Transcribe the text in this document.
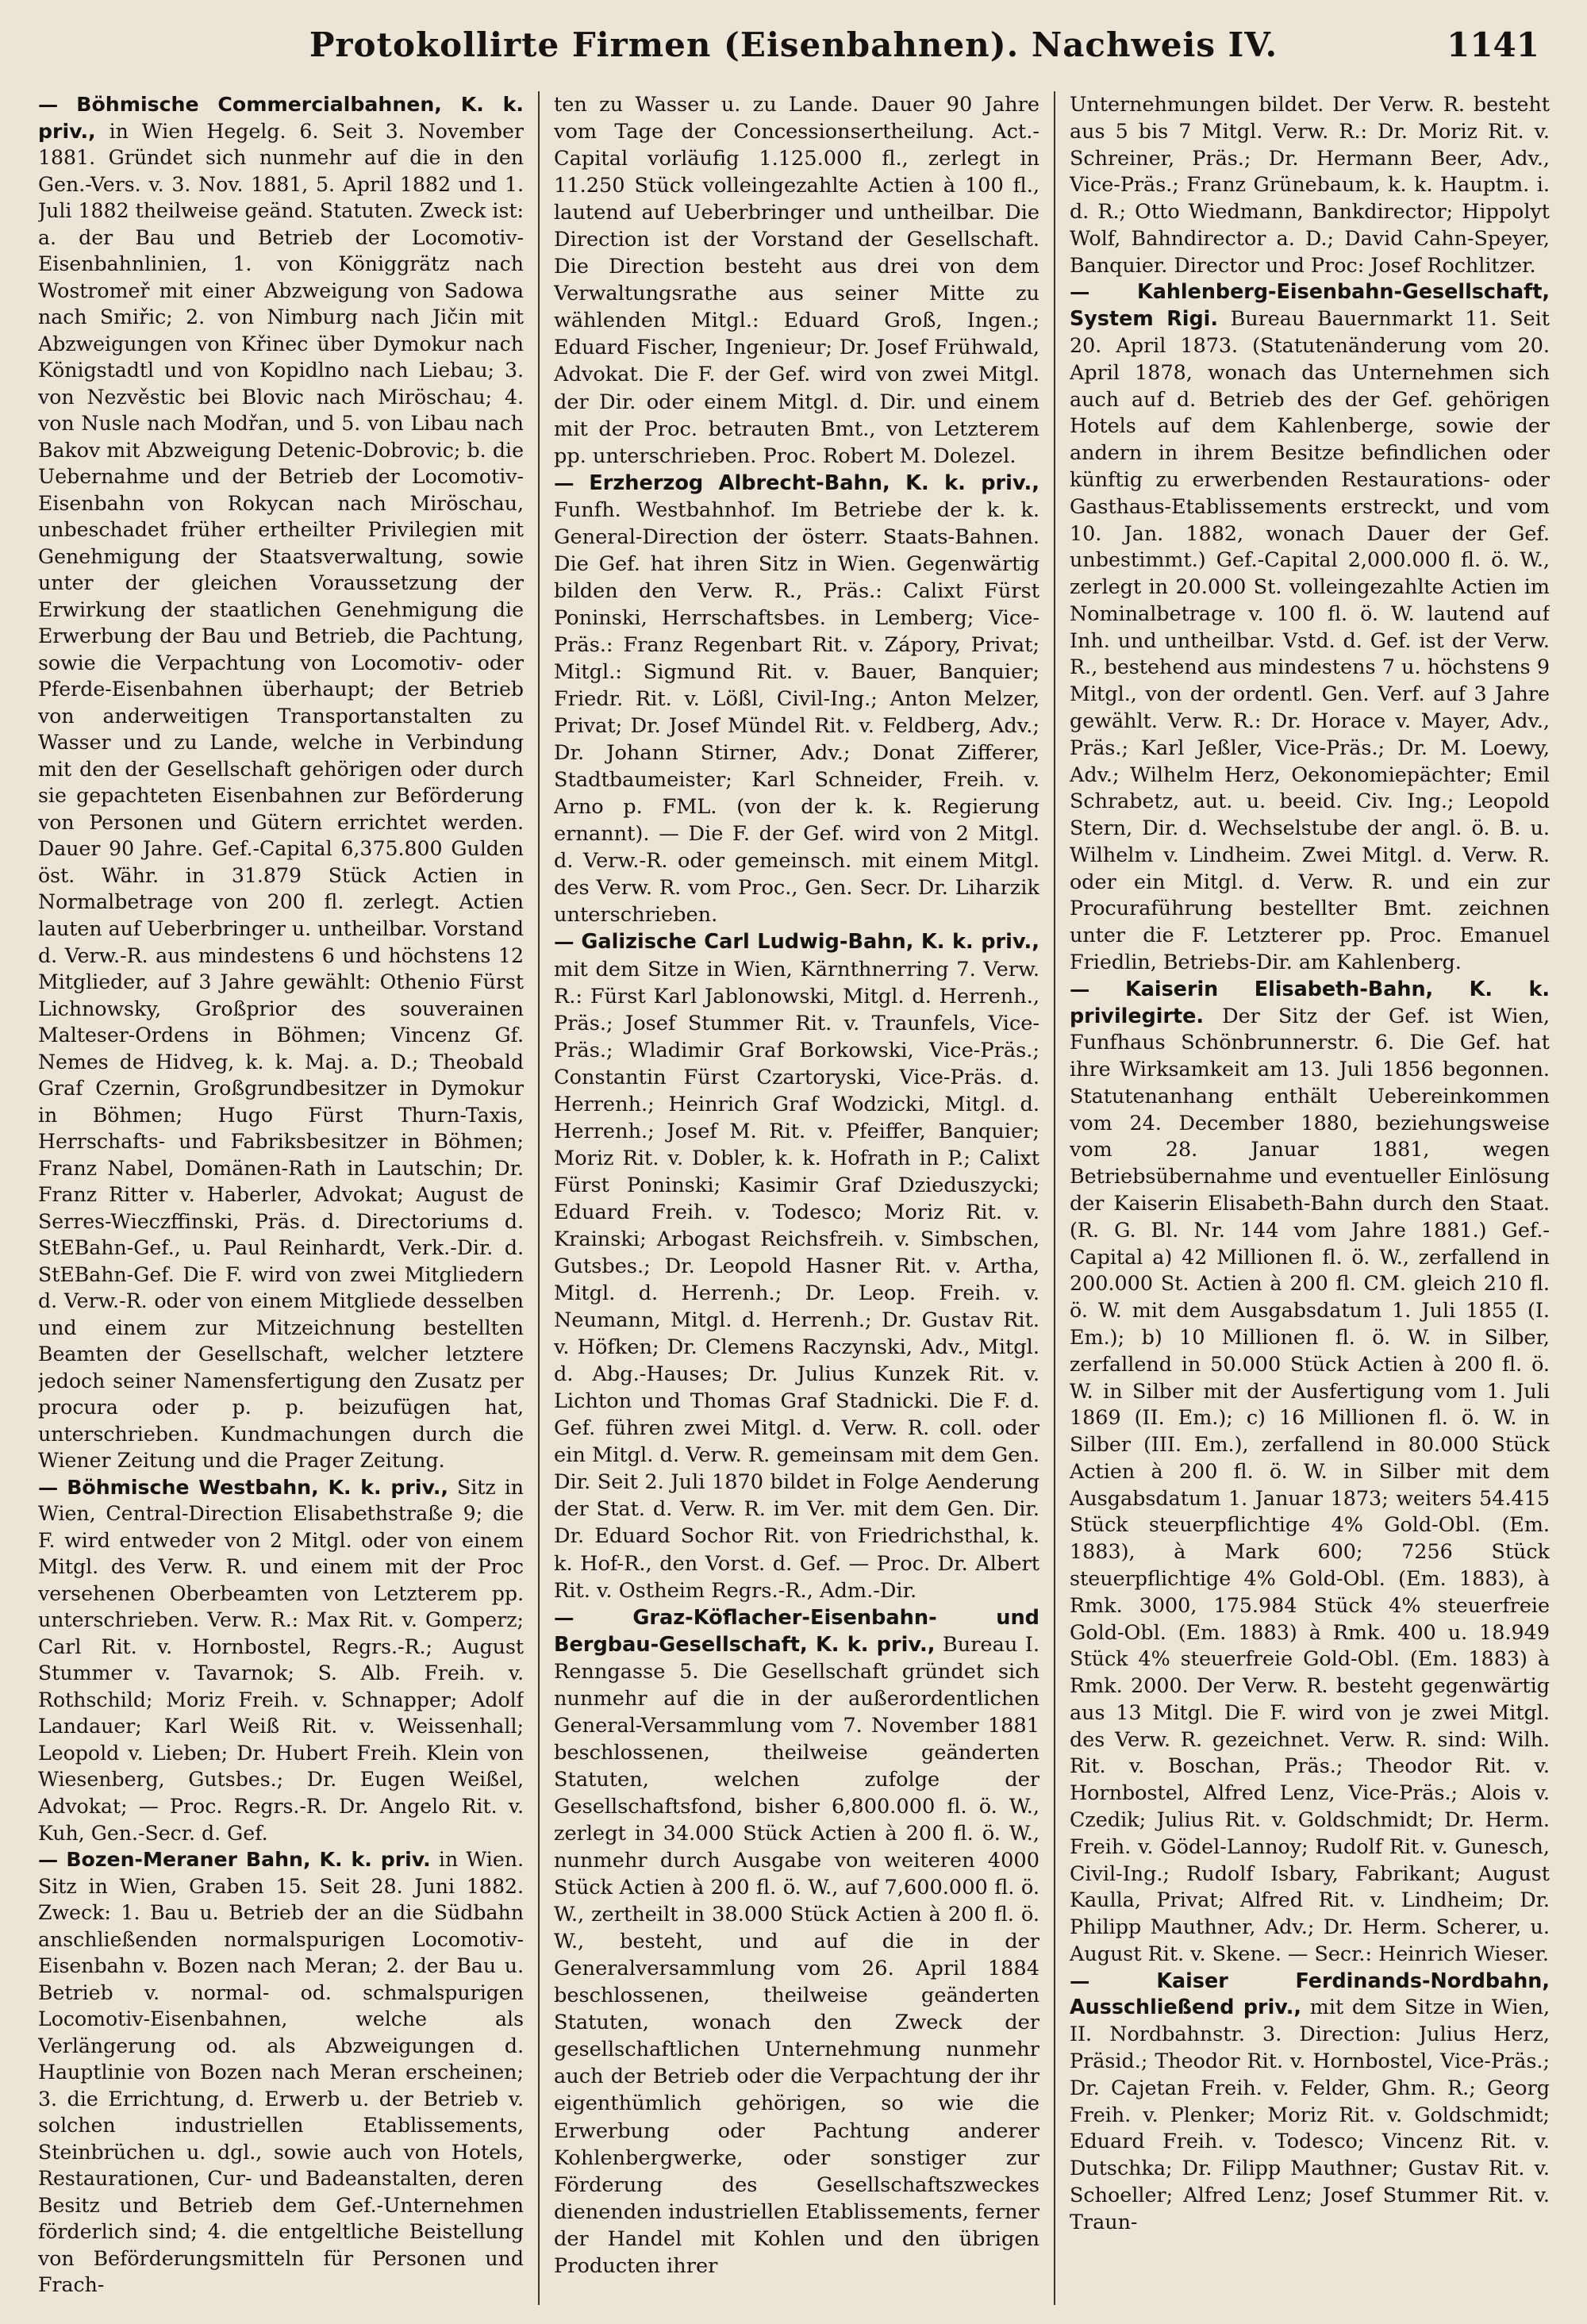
Protokollirte Firmen (Eisenbahnen). Nachweis IV.	1141

— Böhmische Commercialbahnen, K. k. priv., in Wien Hegelg. 6. Seit 3. November 1881. Gründet sich nunmehr auf die in den Gen.-Vers. v. 3. Nov. 1881, 5. April 1882 und 1. Juli 1882 theilweise geänd. Statuten. Zweck ist: a. der Bau und Betrieb der Locomotiv-Eisenbahnlinien, 1. von Königgrätz nach Wostromeř mit einer Abzweigung von Sadowa nach Smiřic; 2. von Nimburg nach Jičin mit Abzweigungen von Křinec über Dymokur nach Königstadtl und von Kopidlno nach Liebau; 3. von Nezvěstic bei Blovic nach Miröschau; 4. von Nusle nach Modřan, und 5. von Libau nach Bakov mit Abzweigung Detenic-Dobrovic; b. die Uebernahme und der Betrieb der Locomotiv-Eisenbahn von Rokycan nach Miröschau, unbeschadet früher ertheilter Privilegien mit Genehmigung der Staatsverwaltung, sowie unter der gleichen Voraussetzung der Erwirkung der staatlichen Genehmigung die Erwerbung der Bau und Betrieb, die Pachtung, sowie die Verpachtung von Locomotiv- oder Pferde-Eisenbahnen überhaupt; der Betrieb von anderweitigen Transportanstalten zu Wasser und zu Lande, welche in Verbindung mit den der Gesellschaft gehörigen oder durch sie gepachteten Eisenbahnen zur Beförderung von Personen und Gütern errichtet werden. Dauer 90 Jahre. Gef.-Capital 6,375.800 Gulden öst. Währ. in 31.879 Stück Actien in Normalbetrage von 200 fl. zerlegt. Actien lauten auf Ueberbringer u. untheilbar. Vorstand d. Verw.-R. aus mindestens 6 und höchstens 12 Mitglieder, auf 3 Jahre gewählt: Othenio Fürst Lichnowsky, Großprior des souverainen Malteser-Ordens in Böhmen; Vincenz Gf. Nemes de Hidveg, k. k. Maj. a. D.; Theobald Graf Czernin, Großgrundbesitzer in Dymokur in Böhmen; Hugo Fürst Thurn-Taxis, Herrschafts- und Fabriksbesitzer in Böhmen; Franz Nabel, Domänen-Rath in Lautschin; Dr. Franz Ritter v. Haberler, Advokat; August de Serres-Wieczffinski, Präs. d. Directoriums d. StEBahn-Gef., u. Paul Reinhardt, Verk.-Dir. d. StEBahn-Gef. Die F. wird von zwei Mitgliedern d. Verw.-R. oder von einem Mitgliede desselben und einem zur Mitzeichnung bestellten Beamten der Gesellschaft, welcher letztere jedoch seiner Namensfertigung den Zusatz per procura oder p. p. beizufügen hat, unterschrieben. Kundmachungen durch die Wiener Zeitung und die Prager Zeitung.

— Böhmische Westbahn, K. k. priv., Sitz in Wien, Central-Direction Elisabethstraße 9; die F. wird entweder von 2 Mitgl. oder von einem Mitgl. des Verw. R. und einem mit der Proc versehenen Oberbeamten von Letzterem pp. unterschrieben. Verw. R.: Max Rit. v. Gomperz; Carl Rit. v. Hornbostel, Regrs.-R.; August Stummer v. Tavarnok; S. Alb. Freih. v. Rothschild; Moriz Freih. v. Schnapper; Adolf Landauer; Karl Weiß Rit. v. Weissenhall; Leopold v. Lieben; Dr. Hubert Freih. Klein von Wiesenberg, Gutsbes.; Dr. Eugen Weißel, Advokat; — Proc. Regrs.-R. Dr. Angelo Rit. v. Kuh, Gen.-Secr. d. Gef.

— Bozen-Meraner Bahn, K. k. priv. in Wien. Sitz in Wien, Graben 15. Seit 28. Juni 1882. Zweck: 1. Bau u. Betrieb der an die Südbahn anschließenden normalspurigen Locomotiv-Eisenbahn v. Bozen nach Meran; 2. der Bau u. Betrieb v. normal- od. schmalspurigen Locomotiv-Eisenbahnen, welche als Verlängerung od. als Abzweigungen d. Hauptlinie von Bozen nach Meran erscheinen; 3. die Errichtung, d. Erwerb u. der Betrieb v. solchen industriellen Etablissements, Steinbrüchen u. dgl., sowie auch von Hotels, Restaurationen, Cur- und Badeanstalten, deren Besitz und Betrieb dem Gef.-Unternehmen förderlich sind; 4. die entgeltliche Beistellung von Beförderungsmitteln für Personen und Frach-

ten zu Wasser u. zu Lande. Dauer 90 Jahre vom Tage der Concessionsertheilung. Act.-Capital vorläufig 1.125.000 fl., zerlegt in 11.250 Stück volleingezahlte Actien à 100 fl., lautend auf Ueberbringer und untheilbar. Die Direction ist der Vorstand der Gesellschaft. Die Direction besteht aus drei von dem Verwaltungsrathe aus seiner Mitte zu wählenden Mitgl.: Eduard Groß, Ingen.; Eduard Fischer, Ingenieur; Dr. Josef Frühwald, Advokat. Die F. der Gef. wird von zwei Mitgl. der Dir. oder einem Mitgl. d. Dir. und einem mit der Proc. betrauten Bmt., von Letzterem pp. unterschrieben. Proc. Robert M. Dolezel.

— Erzherzog Albrecht-Bahn, K. k. priv., Funfh. Westbahnhof. Im Betriebe der k. k. General-Direction der österr. Staats-Bahnen. Die Gef. hat ihren Sitz in Wien. Gegenwärtig bilden den Verw. R., Präs.: Calixt Fürst Poninski, Herrschaftsbes. in Lemberg; Vice-Präs.: Franz Regenbart Rit. v. Zápory, Privat; Mitgl.: Sigmund Rit. v. Bauer, Banquier; Friedr. Rit. v. Lößl, Civil-Ing.; Anton Melzer, Privat; Dr. Josef Mündel Rit. v. Feldberg, Adv.; Dr. Johann Stirner, Adv.; Donat Zifferer, Stadtbaumeister; Karl Schneider, Freih. v. Arno p. FML. (von der k. k. Regierung ernannt). — Die F. der Gef. wird von 2 Mitgl. d. Verw.-R. oder gemeinsch. mit einem Mitgl. des Verw. R. vom Proc., Gen. Secr. Dr. Liharzik unterschrieben.

— Galizische Carl Ludwig-Bahn, K. k. priv., mit dem Sitze in Wien, Kärnthnerring 7. Verw. R.: Fürst Karl Jablonowski, Mitgl. d. Herrenh., Präs.; Josef Stummer Rit. v. Traunfels, Vice-Präs.; Wladimir Graf Borkowski, Vice-Präs.; Constantin Fürst Czartoryski, Vice-Präs. d. Herrenh.; Heinrich Graf Wodzicki, Mitgl. d. Herrenh.; Josef M. Rit. v. Pfeiffer, Banquier; Moriz Rit. v. Dobler, k. k. Hofrath in P.; Calixt Fürst Poninski; Kasimir Graf Dzieduszycki; Eduard Freih. v. Todesco; Moriz Rit. v. Krainski; Arbogast Reichsfreih. v. Simbschen, Gutsbes.; Dr. Leopold Hasner Rit. v. Artha, Mitgl. d. Herrenh.; Dr. Leop. Freih. v. Neumann, Mitgl. d. Herrenh.; Dr. Gustav Rit. v. Höfken; Dr. Clemens Raczynski, Adv., Mitgl. d. Abg.-Hauses; Dr. Julius Kunzek Rit. v. Lichton und Thomas Graf Stadnicki. Die F. d. Gef. führen zwei Mitgl. d. Verw. R. coll. oder ein Mitgl. d. Verw. R. gemeinsam mit dem Gen. Dir. Seit 2. Juli 1870 bildet in Folge Aenderung der Stat. d. Verw. R. im Ver. mit dem Gen. Dir. Dr. Eduard Sochor Rit. von Friedrichsthal, k. k. Hof-R., den Vorst. d. Gef. — Proc. Dr. Albert Rit. v. Ostheim Regrs.-R., Adm.-Dir.

—	Graz-Köflacher-Eisenbahn- und Bergbau-Gesellschaft, K. k. priv., Bureau I. Renngasse 5. Die Gesellschaft gründet sich nunmehr auf die in der außerordentlichen General-Versammlung vom 7. November 1881 beschlossenen, theilweise geänderten Statuten, welchen zufolge der Gesellschaftsfond, bisher 6,800.000 fl. ö. W., zerlegt in 34.000 Stück Actien à 200 fl. ö. W., nunmehr durch Ausgabe von weiteren 4000 Stück Actien à 200 fl. ö. W., auf 7,600.000 fl. ö. W., zertheilt in 38.000 Stück Actien à 200 fl. ö. W., besteht, und auf die in der Generalversammlung vom 26. April 1884 beschlossenen, theilweise geänderten Statuten, wonach den Zweck der gesellschaftlichen Unternehmung nunmehr auch der Betrieb oder die Verpachtung der ihr eigenthümlich gehörigen, so wie die Erwerbung oder Pachtung anderer Kohlenbergwerke, oder sonstiger zur Förderung des Gesellschaftszweckes dienenden industriellen Etablissements, ferner der Handel mit Kohlen und den übrigen Producten ihrer

Unternehmungen bildet. Der Verw. R. besteht aus 5 bis 7 Mitgl. Verw. R.: Dr. Moriz Rit. v. Schreiner, Präs.; Dr. Hermann Beer, Adv., Vice-Präs.; Franz Grünebaum, k. k. Hauptm. i. d. R.; Otto Wiedmann, Bankdirector; Hippolyt Wolf, Bahndirector a. D.; David Cahn-Speyer, Banquier. Director und Proc: Josef Rochlitzer.

— Kahlenberg-Eisenbahn-Gesellschaft, System Rigi. Bureau Bauernmarkt 11. Seit 20. April 1873. (Statutenänderung vom 20. April 1878, wonach das Unternehmen sich auch auf d. Betrieb des der Gef. gehörigen Hotels auf dem Kahlenberge, sowie der andern in ihrem Besitze befindlichen oder künftig zu erwerbenden Restaurations- oder Gasthaus-Etablissements erstreckt, und vom 10. Jan. 1882, wonach Dauer der Gef. unbestimmt.) Gef.-Capital 2,000.000 fl. ö. W., zerlegt in 20.000 St. volleingezahlte Actien im Nominalbetrage v. 100 fl. ö. W. lautend auf Inh. und untheilbar. Vstd. d. Gef. ist der Verw. R., bestehend aus mindestens 7 u. höchstens 9 Mitgl., von der ordentl. Gen. Verf. auf 3 Jahre gewählt. Verw. R.: Dr. Horace v. Mayer, Adv., Präs.; Karl Jeßler, Vice-Präs.; Dr. M. Loewy, Adv.; Wilhelm Herz, Oekonomiepächter; Emil Schrabetz, aut. u. beeid. Civ. Ing.; Leopold Stern, Dir. d. Wechselstube der angl. ö. B. u. Wilhelm v. Lindheim. Zwei Mitgl. d. Verw. R. oder ein Mitgl. d. Verw. R. und ein zur Procuraführung bestellter Bmt. zeichnen unter die F. Letzterer pp. Proc. Emanuel Friedlin, Betriebs-Dir. am Kahlenberg.

— Kaiserin Elisabeth-Bahn, K. k. privilegirte. Der Sitz der Gef. ist Wien, Funfhaus Schönbrunnerstr. 6. Die Gef. hat ihre Wirksamkeit am 13. Juli 1856 begonnen. Statutenanhang enthält Uebereinkommen vom 24. December 1880, beziehungsweise vom 28. Januar 1881, wegen Betriebsübernahme und eventueller Einlösung der Kaiserin Elisabeth-Bahn durch den Staat. (R. G. Bl. Nr. 144 vom Jahre 1881.) Gef.-Capital a) 42 Millionen fl. ö. W., zerfallend in 200.000 St. Actien à 200 fl. CM. gleich 210 fl. ö. W. mit dem Ausgabsdatum 1. Juli 1855 (I. Em.); b) 10 Millionen fl. ö. W. in Silber, zerfallend in 50.000 Stück Actien à 200 fl. ö. W. in Silber mit der Ausfertigung vom 1. Juli 1869 (II. Em.); c) 16 Millionen fl. ö. W. in Silber (III. Em.), zerfallend in 80.000 Stück Actien à 200 fl. ö. W. in Silber mit dem Ausgabsdatum 1. Januar 1873; weiters 54.415 Stück steuerpflichtige 4% Gold-Obl. (Em. 1883), à Mark 600; 7256 Stück steuerpflichtige 4% Gold-Obl. (Em. 1883), à Rmk. 3000, 175.984 Stück 4% steuerfreie Gold-Obl. (Em. 1883) à Rmk. 400 u. 18.949 Stück 4% steuerfreie Gold-Obl. (Em. 1883) à Rmk. 2000. Der Verw. R. besteht gegenwärtig aus 13 Mitgl. Die F. wird von je zwei Mitgl. des Verw. R. gezeichnet. Verw. R. sind: Wilh. Rit. v. Boschan, Präs.; Theodor Rit. v. Hornbostel, Alfred Lenz, Vice-Präs.; Alois v. Czedik; Julius Rit. v. Goldschmidt; Dr. Herm. Freih. v. Gödel-Lannoy; Rudolf Rit. v. Gunesch, Civil-Ing.; Rudolf Isbary, Fabrikant; August Kaulla, Privat; Alfred Rit. v. Lindheim; Dr. Philipp Mauthner, Adv.; Dr. Herm. Scherer, u. August Rit. v. Skene. — Secr.: Heinrich Wieser.

—	Kaiser Ferdinands-Nordbahn, Ausschließend priv., mit dem Sitze in Wien, II. Nordbahnstr. 3. Direction: Julius Herz, Präsid.; Theodor Rit. v. Hornbostel, Vice-Präs.; Dr. Cajetan Freih. v. Felder, Ghm. R.; Georg Freih. v. Plenker; Moriz Rit. v. Goldschmidt; Eduard Freih. v. Todesco; Vincenz Rit. v. Dutschka; Dr. Filipp Mauthner; Gustav Rit. v. Schoeller; Alfred Lenz; Josef Stummer Rit. v. Traun-
